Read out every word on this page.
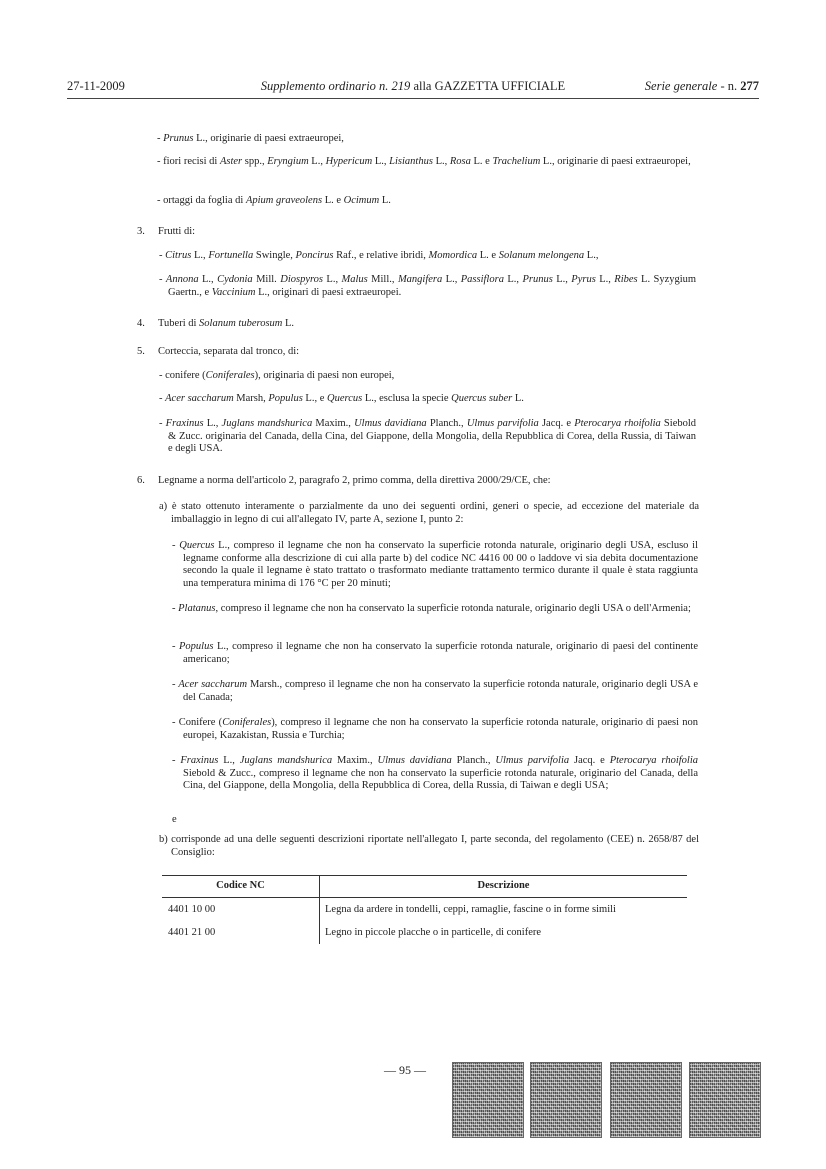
27-11-2009	Supplemento ordinario n. 219 alla GAZZETTA UFFICIALE	Serie generale - n. 277
- Prunus L., originarie di paesi extraeuropei,
- fiori recisi di Aster spp., Eryngium L., Hypericum L., Lisianthus L., Rosa L. e Trachelium L., originarie di paesi extraeuropei,
- ortaggi da foglia di Apium graveolens L. e Ocimum L.
3. Frutti di:
- Citrus L., Fortunella Swingle, Poncirus Raf., e relative ibridi, Momordica L. e Solanum melongena L.,
- Annona L., Cydonia Mill. Diospyros L., Malus Mill., Mangifera L., Passiflora L., Prunus L., Pyrus L., Ribes L. Syzygium Gaertn., e Vaccinium L., originari di paesi extraeuropei.
4. Tuberi di Solanum tuberosum L.
5. Corteccia, separata dal tronco, di:
- conifere (Coniferales), originaria di paesi non europei,
- Acer saccharum Marsh, Populus L., e Quercus L., esclusa la specie Quercus suber L.
- Fraxinus L., Juglans mandshurica Maxim., Ulmus davidiana Planch., Ulmus parvifolia Jacq. e Pterocarya rhoifolia Siebold & Zucc. originaria del Canada, della Cina, del Giappone, della Mongolia, della Repubblica di Corea, della Russia, di Taiwan e degli USA.
6. Legname a norma dell'articolo 2, paragrafo 2, primo comma, della direttiva 2000/29/CE, che:
a) è stato ottenuto interamente o parzialmente da uno dei seguenti ordini, generi o specie, ad eccezione del materiale da imballaggio in legno di cui all'allegato IV, parte A, sezione I, punto 2:
- Quercus L., compreso il legname che non ha conservato la superficie rotonda naturale, originario degli USA, escluso il legname conforme alla descrizione di cui alla parte b) del codice NC 4416 00 00 o laddove vi sia debita documentazione secondo la quale il legname è stato trattato o trasformato mediante trattamento termico durante il quale è stata raggiunta una temperatura minima di 176 °C per 20 minuti;
- Platanus, compreso il legname che non ha conservato la superficie rotonda naturale, originario degli USA o dell'Armenia;
- Populus L., compreso il legname che non ha conservato la superficie rotonda naturale, originario di paesi del continente americano;
- Acer saccharum Marsh., compreso il legname che non ha conservato la superficie rotonda naturale, originario degli USA e del Canada;
- Conifere (Coniferales), compreso il legname che non ha conservato la superficie rotonda naturale, originario di paesi non europei, Kazakistan, Russia e Turchia;
- Fraxinus L., Juglans mandshurica Maxim., Ulmus davidiana Planch., Ulmus parvifolia Jacq. e Pterocarya rhoifolia Siebold & Zucc., compreso il legname che non ha conservato la superficie rotonda naturale, originario del Canada, della Cina, del Giappone, della Mongolia, della Repubblica di Corea, della Russia, di Taiwan e degli USA;
e
b) corrisponde ad una delle seguenti descrizioni riportate nell'allegato I, parte seconda, del regolamento (CEE) n. 2658/87 del Consiglio:
Codice NC	Descrizione
4401 10 00	Legna da ardere in tondelli, ceppi, ramaglie, fascine o in forme simili
4401 21 00	Legno in piccole placche o in particelle, di conifere
— 95 —
